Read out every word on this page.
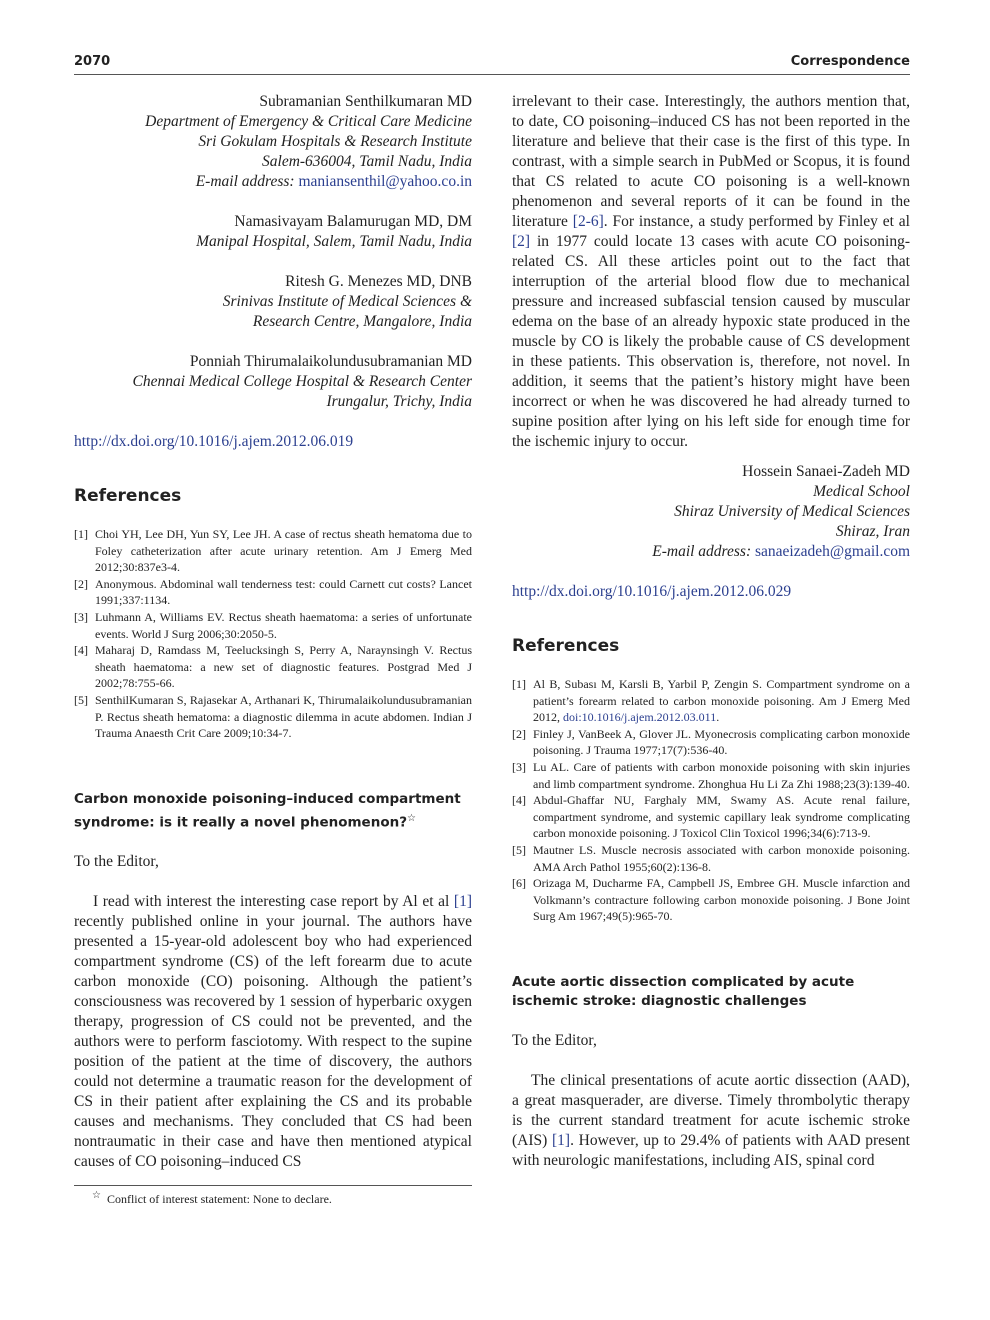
2070	Correspondence
Subramanian Senthilkumaran MD
Department of Emergency & Critical Care Medicine
Sri Gokulam Hospitals & Research Institute
Salem-636004, Tamil Nadu, India
E-mail address: maniansenthil@yahoo.co.in
Namasivayam Balamurugan MD, DM
Manipal Hospital, Salem, Tamil Nadu, India
Ritesh G. Menezes MD, DNB
Srinivas Institute of Medical Sciences &
Research Centre, Mangalore, India
Ponniah Thirumalaikolundusubramanian MD
Chennai Medical College Hospital & Research Center
Irungalur, Trichy, India
http://dx.doi.org/10.1016/j.ajem.2012.06.019
References
[1] Choi YH, Lee DH, Yun SY, Lee JH. A case of rectus sheath hematoma due to Foley catheterization after acute urinary retention. Am J Emerg Med 2012;30:837e3-4.
[2] Anonymous. Abdominal wall tenderness test: could Carnett cut costs? Lancet 1991;337:1134.
[3] Luhmann A, Williams EV. Rectus sheath haematoma: a series of unfortunate events. World J Surg 2006;30:2050-5.
[4] Maharaj D, Ramdass M, Teelucksingh S, Perry A, Naraynsingh V. Rectus sheath haematoma: a new set of diagnostic features. Postgrad Med J 2002;78:755-66.
[5] SenthilKumaran S, Rajasekar A, Arthanari K, Thirumalaikolundusubramanian P. Rectus sheath hematoma: a diagnostic dilemma in acute abdomen. Indian J Trauma Anaesth Crit Care 2009;10:34-7.
Carbon monoxide poisoning–induced compartment syndrome: is it really a novel phenomenon?☆
To the Editor,
I read with interest the interesting case report by Al et al [1] recently published online in your journal. The authors have presented a 15-year-old adolescent boy who had experienced compartment syndrome (CS) of the left forearm due to acute carbon monoxide (CO) poisoning. Although the patient’s consciousness was recovered by 1 session of hyperbaric oxygen therapy, progression of CS could not be prevented, and the authors were to perform fasciotomy. With respect to the supine position of the patient at the time of discovery, the authors could not determine a traumatic reason for the development of CS in their patient after explaining the CS and its probable causes and mechanisms. They concluded that CS had been nontraumatic in their case and have then mentioned atypical causes of CO poisoning–induced CS
☆ Conflict of interest statement: None to declare.
irrelevant to their case. Interestingly, the authors mention that, to date, CO poisoning–induced CS has not been reported in the literature and believe that their case is the first of this type. In contrast, with a simple search in PubMed or Scopus, it is found that CS related to acute CO poisoning is a well-known phenomenon and several reports of it can be found in the literature [2-6]. For instance, a study performed by Finley et al [2] in 1977 could locate 13 cases with acute CO poisoning-related CS. All these articles point out to the fact that interruption of the arterial blood flow due to mechanical pressure and increased subfascial tension caused by muscular edema on the base of an already hypoxic state produced in the muscle by CO is likely the probable cause of CS development in these patients. This observation is, therefore, not novel. In addition, it seems that the patient’s history might have been incorrect or when he was discovered he had already turned to supine position after lying on his left side for enough time for the ischemic injury to occur.
Hossein Sanaei-Zadeh MD
Medical School
Shiraz University of Medical Sciences
Shiraz, Iran
E-mail address: sanaeizadeh@gmail.com
http://dx.doi.org/10.1016/j.ajem.2012.06.029
References
[1] Al B, Subası M, Karsli B, Yarbil P, Zengin S. Compartment syndrome on a patient’s forearm related to carbon monoxide poisoning. Am J Emerg Med 2012, doi:10.1016/j.ajem.2012.03.011.
[2] Finley J, VanBeek A, Glover JL. Myonecrosis complicating carbon monoxide poisoning. J Trauma 1977;17(7):536-40.
[3] Lu AL. Care of patients with carbon monoxide poisoning with skin injuries and limb compartment syndrome. Zhonghua Hu Li Za Zhi 1988;23(3):139-40.
[4] Abdul-Ghaffar NU, Farghaly MM, Swamy AS. Acute renal failure, compartment syndrome, and systemic capillary leak syndrome complicating carbon monoxide poisoning. J Toxicol Clin Toxicol 1996;34(6):713-9.
[5] Mautner LS. Muscle necrosis associated with carbon monoxide poisoning. AMA Arch Pathol 1955;60(2):136-8.
[6] Orizaga M, Ducharme FA, Campbell JS, Embree GH. Muscle infarction and Volkmann’s contracture following carbon monoxide poisoning. J Bone Joint Surg Am 1967;49(5):965-70.
Acute aortic dissection complicated by acute ischemic stroke: diagnostic challenges
To the Editor,
The clinical presentations of acute aortic dissection (AAD), a great masquerader, are diverse. Timely thrombolytic therapy is the current standard treatment for acute ischemic stroke (AIS) [1]. However, up to 29.4% of patients with AAD present with neurologic manifestations, including AIS, spinal cord
